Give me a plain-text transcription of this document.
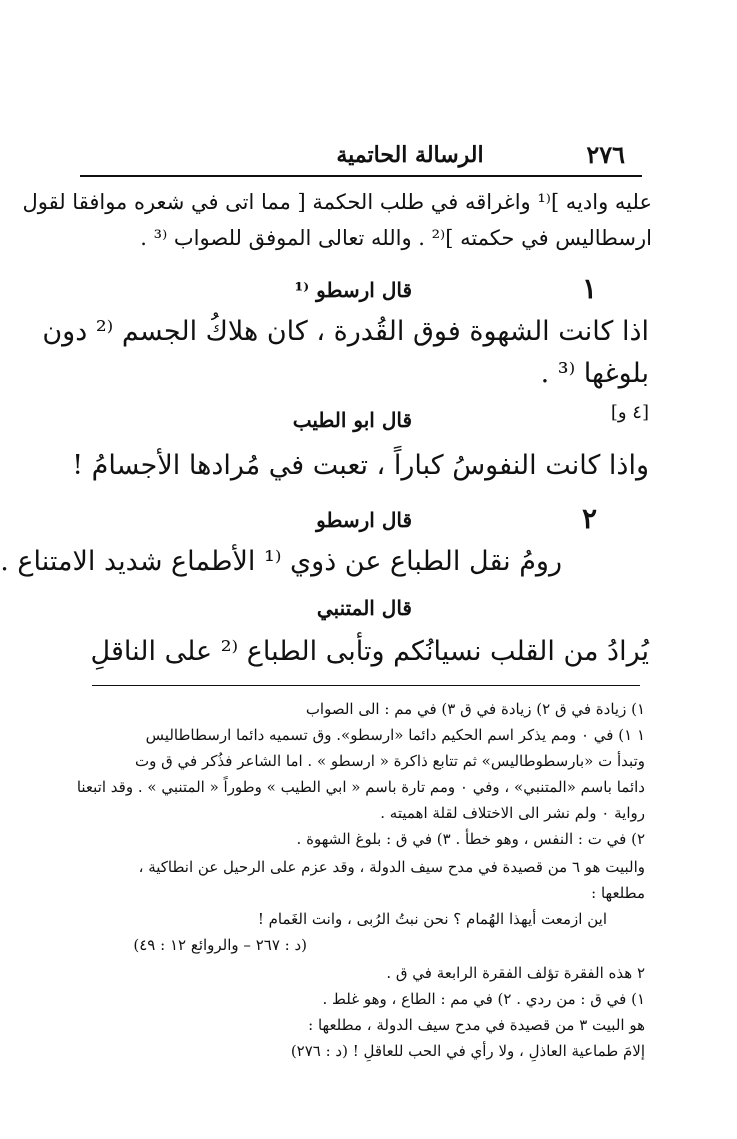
٢٧٦
الرسالة الحاتمية
عليه واديه ]⁽¹ واغراقه في طلب الحكمة [ مما اتى في شعره موافقا لقول
ارسطاليس في حكمته ]⁽² . والله تعالى الموفق للصواب ⁽³ .
١
قال ارسطو ⁽¹
اذا كانت الشهوة فوق القُدرة ، كان هلاكُ الجسم ⁽² دون
بلوغها ⁽³ .
[٤ و]
قال ابو الطيب
واذا كانت النفوسُ كباراً ، تعبت في مُرادها الأجسامُ !
٢
قال ارسطو
رومُ نقل الطباع عن ذوي ⁽¹ الأطماع شديد الامتناع .
قال المتنبي
يُرادُ من القلب نسيانُكم وتأبى الطباع ⁽² على الناقلِ
١) زيادة في ق ٢) زيادة في ق ٣) في مم : الى الصواب
١ ١) في ٠ ومم يذكر اسم الحكيم دائما «ارسطو». وق تسميه دائما ارسطاطاليس
وتبدأ ت «بارسطوطاليس» ثم تتابع ذاكرة « ارسطو » . اما الشاعر فذُكر في ق وت
دائما باسم «المتنبي» ، وفي ٠ ومم تارة باسم « ابي الطيب » وطوراً « المتنبي » . وقد اتبعنا
رواية ٠ ولم نشر الى الاختلاف لقلة اهميته .
٢) في ت : النفس ، وهو خطأ . ٣) في ق : بلوغ الشهوة .
والبيت هو ٦ من قصيدة في مدح سيف الدولة ، وقد عزم على الرحيل عن انطاكية ،
مطلعها :
اين ازمعت أيهذا الهُمام ؟ نحن نبتُ الرُبى ، وانت الغَمام !
(د : ٢٦٧ – والروائع ١٢ : ٤٩)
٢ هذه الفقرة تؤلف الفقرة الرابعة في ق .
١) في ق : من ردي . ٢) في مم : الطاع ، وهو غلط .
هو البيت ٣ من قصيدة في مدح سيف الدولة ، مطلعها :
إلامَ طماعية العاذلِ ، ولا رأي في الحب للعاقلِ ! (د : ٢٧٦)
